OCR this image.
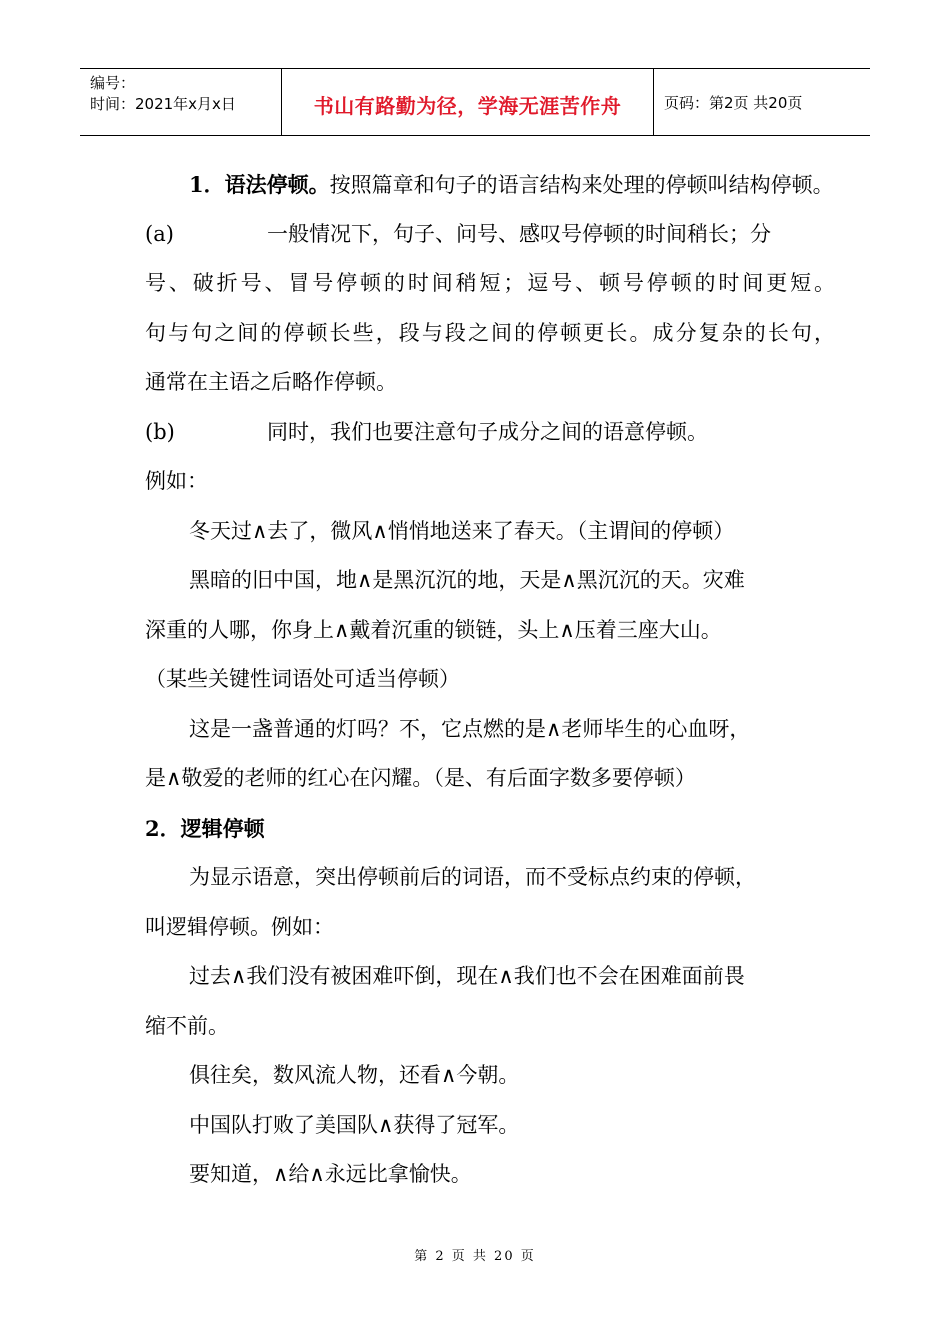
编号：
时间：2021年x月x日	书山有路勤为径，学海无涯苦作舟	页码：第2页 共20页
1．语法停顿。按照篇章和句子的语言结构来处理的停顿叫结构停顿。
(a)	一般情况下，句子、问号、感叹号停顿的时间稍长；分
号、破折号、冒号停顿的时间稍短；逗号、顿号停顿的时间更短。
句与句之间的停顿长些，段与段之间的停顿更长。成分复杂的长句，
通常在主语之后略作停顿。
(b)	同时，我们也要注意句子成分之间的语意停顿。
例如：
冬天过∧去了，微风∧悄悄地送来了春天。（主谓间的停顿）
黑暗的旧中国，地∧是黑沉沉的地，天是∧黑沉沉的天。灾难
深重的人哪，你身上∧戴着沉重的锁链，头上∧压着三座大山。
（某些关键性词语处可适当停顿）
这是一盏普通的灯吗？不，它点燃的是∧老师毕生的心血呀，
是∧敬爱的老师的红心在闪耀。（是、有后面字数多要停顿）
2．逻辑停顿
为显示语意，突出停顿前后的词语，而不受标点约束的停顿，
叫逻辑停顿。例如：
过去∧我们没有被困难吓倒，现在∧我们也不会在困难面前畏
缩不前。
俱往矣，数风流人物，还看∧今朝。
中国队打败了美国队∧获得了冠军。
要知道，∧给∧永远比拿愉快。
第 2 页 共 20 页
